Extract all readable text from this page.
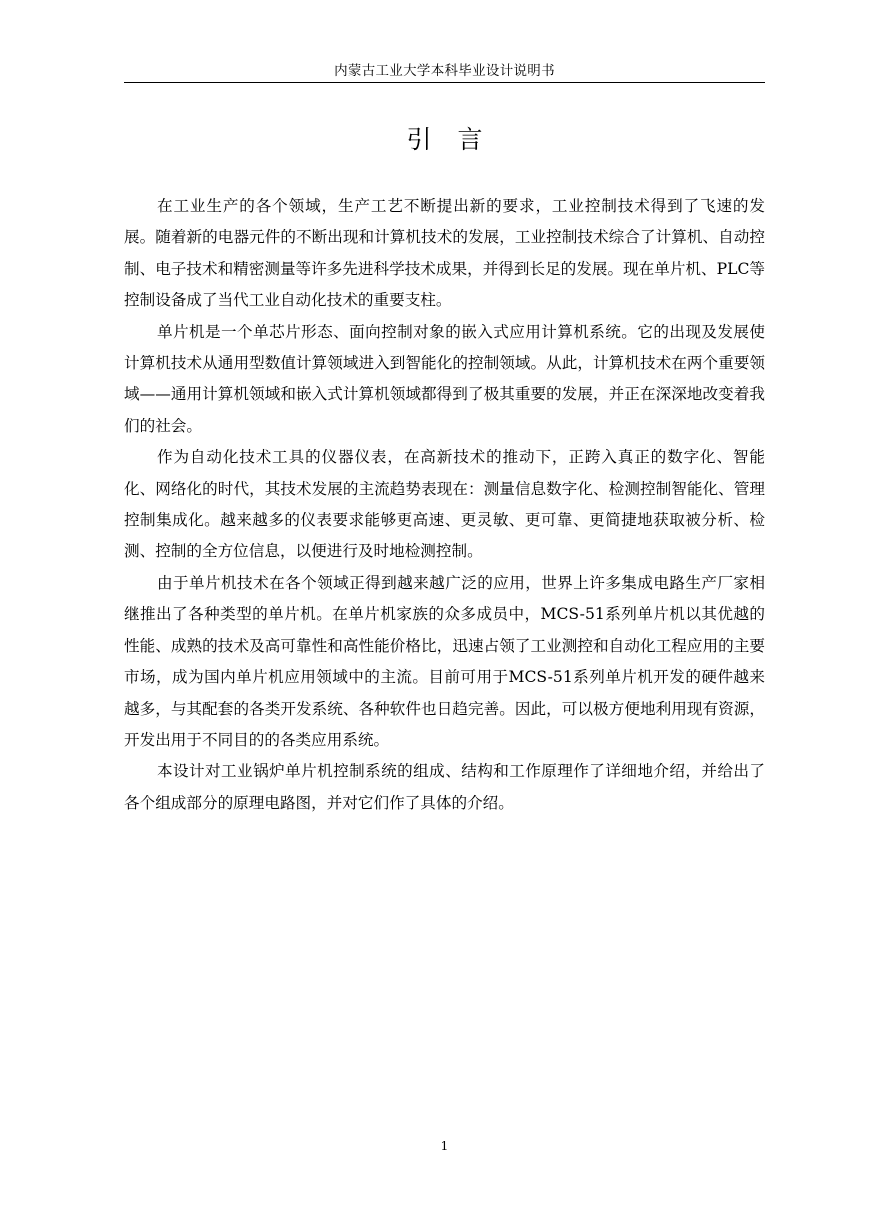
内蒙古工业大学本科毕业设计说明书
引言

在工业生产的各个领域，生产工艺不断提出新的要求，工业控制技术得到了飞速的发展。随着新的电器元件的不断出现和计算机技术的发展，工业控制技术综合了计算机、自动控制、电子技术和精密测量等许多先进科学技术成果，并得到长足的发展。现在单片机、PLC等控制设备成了当代工业自动化技术的重要支柱。

单片机是一个单芯片形态、面向控制对象的嵌入式应用计算机系统。它的出现及发展使计算机技术从通用型数值计算领域进入到智能化的控制领域。从此，计算机技术在两个重要领域——通用计算机领域和嵌入式计算机领域都得到了极其重要的发展，并正在深深地改变着我们的社会。

作为自动化技术工具的仪器仪表，在高新技术的推动下，正跨入真正的数字化、智能化、网络化的时代，其技术发展的主流趋势表现在：测量信息数字化、检测控制智能化、管理控制集成化。越来越多的仪表要求能够更高速、更灵敏、更可靠、更简捷地获取被分析、检测、控制的全方位信息，以便进行及时地检测控制。

由于单片机技术在各个领域正得到越来越广泛的应用，世界上许多集成电路生产厂家相继推出了各种类型的单片机。在单片机家族的众多成员中，MCS-51系列单片机以其优越的性能、成熟的技术及高可靠性和高性能价格比，迅速占领了工业测控和自动化工程应用的主要市场，成为国内单片机应用领域中的主流。目前可用于MCS-51系列单片机开发的硬件越来越多，与其配套的各类开发系统、各种软件也日趋完善。因此，可以极方便地利用现有资源，开发出用于不同目的的各类应用系统。

本设计对工业锅炉单片机控制系统的组成、结构和工作原理作了详细地介绍，并给出了各个组成部分的原理电路图，并对它们作了具体的介绍。

1
